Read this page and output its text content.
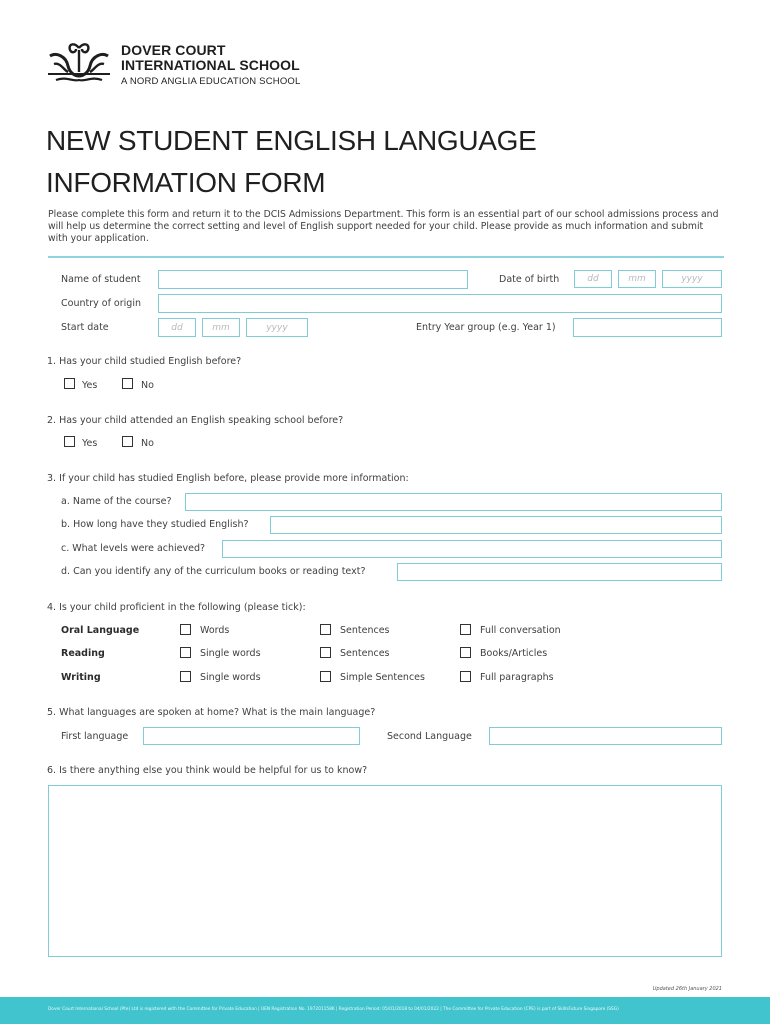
DOVER COURT
INTERNATIONAL SCHOOL
A NORD ANGLIA EDUCATION SCHOOL
NEW STUDENT ENGLISH LANGUAGE
INFORMATION FORM
Please complete this form and return it to the DCIS Admissions Department. This form is an essential part of our school admissions process and will help us determine the correct setting and level of English support needed for your child. Please provide as much information and submit with your application.
Name of student	Date of birth	dd	mm	yyyy
Country of origin
Start date	dd	mm	yyyy	Entry Year group (e.g. Year 1)
1. Has your child studied English before?
Yes	No
2. Has your child attended an English speaking school before?
Yes	No
3. If your child has studied English before, please provide more information:
a. Name of the course?
b. How long have they studied English?
c. What levels were achieved?
d. Can you identify any of the curriculum books or reading text?
4. Is your child proficient in the following (please tick):
Oral Language	Words	Sentences	Full conversation
Reading	Single words	Sentences	Books/Articles
Writing	Single words	Simple Sentences	Full paragraphs
5. What languages are spoken at home? What is the main language?
First language	Second Language
6. Is there anything else you think would be helpful for us to know?
Updated 26th January 2021
Dover Court International School (Pte) Ltd is registered with the Committee for Private Education | UEN Registration No. 197201158K | Registration Period: 05/01/2018 to 04/01/2022 | The Committee for Private Education (CPE) is part of SkillsFuture Singapore (SSG)
